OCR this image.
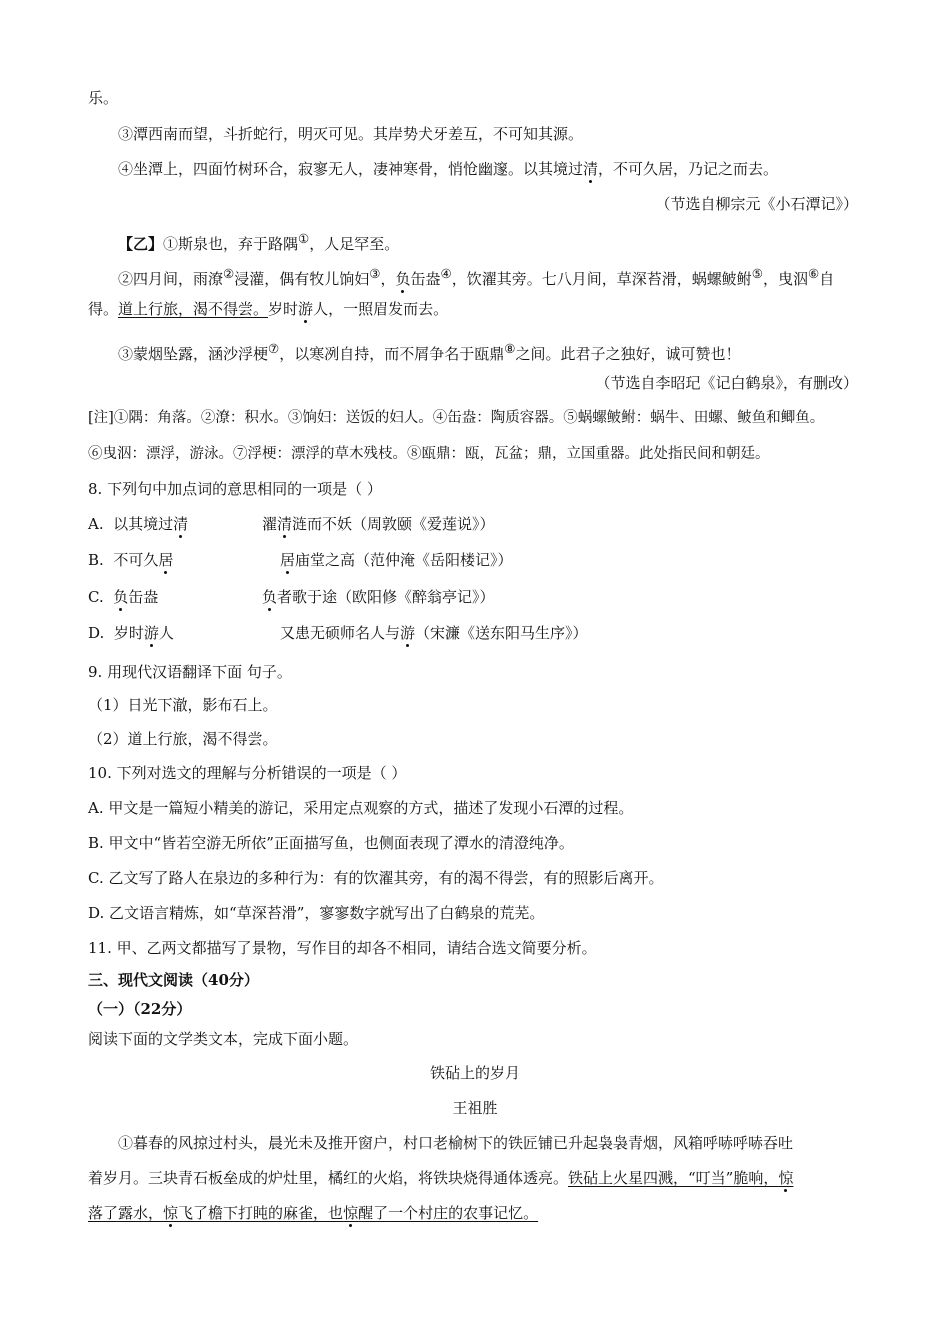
乐。
③潭西南而望，斗折蛇行，明灭可见。其岸势犬牙差互，不可知其源。
④坐潭上，四面竹树环合，寂寥无人，凄神寒骨，悄怆幽邃。以其境过清，不可久居，乃记之而去。
（节选自柳宗元《小石潭记》）
【乙】①斯泉也，弃于路隅①，人足罕至。
②四月间，雨潦②浸灌，偶有牧儿饷妇③，负缶盎④，饮濯其旁。七八月间，草深苔滑，蜗螺鲏鲋⑤，曳泅⑥自
得。道上行旅，渴不得尝。岁时游人，一照眉发而去。
③蒙烟坠露，涵沙浮梗⑦，以寒冽自持，而不屑争名于瓯鼎⑧之间。此君子之独好，诚可赞也！
（节选自李昭玘《记白鹤泉》，有删改）
[注]①隅：角落。②潦：积水。③饷妇：送饭的妇人。④缶盎：陶质容器。⑤蜗螺鲏鲋：蜗牛、田螺、鲏鱼和鲫鱼。
⑥曳泅：漂浮，游泳。⑦浮梗：漂浮的草木残枝。⑧瓯鼎：瓯，瓦盆；鼎，立国重器。此处指民间和朝廷。
8. 下列句中加点词的意思相同的一项是（ ）
A. 以其境过清	濯清涟而不妖（周敦颐《爱莲说》）
B. 不可久居	居庙堂之高（范仲淹《岳阳楼记》）
C. 负缶盎	负者歌于途（欧阳修《醉翁亭记》）
D. 岁时游人	又患无硕师名人与游（宋濂《送东阳马生序》）
9. 用现代汉语翻译下面 句子。
（1）日光下澈，影布石上。
（2）道上行旅，渴不得尝。
10. 下列对选文的理解与分析错误的一项是（ ）
A. 甲文是一篇短小精美的游记，采用定点观察的方式，描述了发现小石潭的过程。
B. 甲文中“皆若空游无所依”正面描写鱼，也侧面表现了潭水的清澄纯净。
C. 乙文写了路人在泉边的多种行为：有的饮濯其旁，有的渴不得尝，有的照影后离开。
D. 乙文语言精炼，如“草深苔滑”，寥寥数字就写出了白鹤泉的荒芜。
11. 甲、乙两文都描写了景物，写作目的却各不相同，请结合选文简要分析。
三、现代文阅读（40分）
（一）（22分）
阅读下面的文学类文本，完成下面小题。
铁砧上的岁月
王祖胜
①暮春的风掠过村头，晨光未及推开窗户，村口老榆树下的铁匠铺已升起袅袅青烟，风箱呼哧呼哧吞吐
着岁月。三块青石板垒成的炉灶里，橘红的火焰，将铁块烧得通体透亮。铁砧上火星四溅，“叮当”脆响，惊
落了露水，惊飞了檐下打盹的麻雀，也惊醒了一个村庄的农事记忆。
